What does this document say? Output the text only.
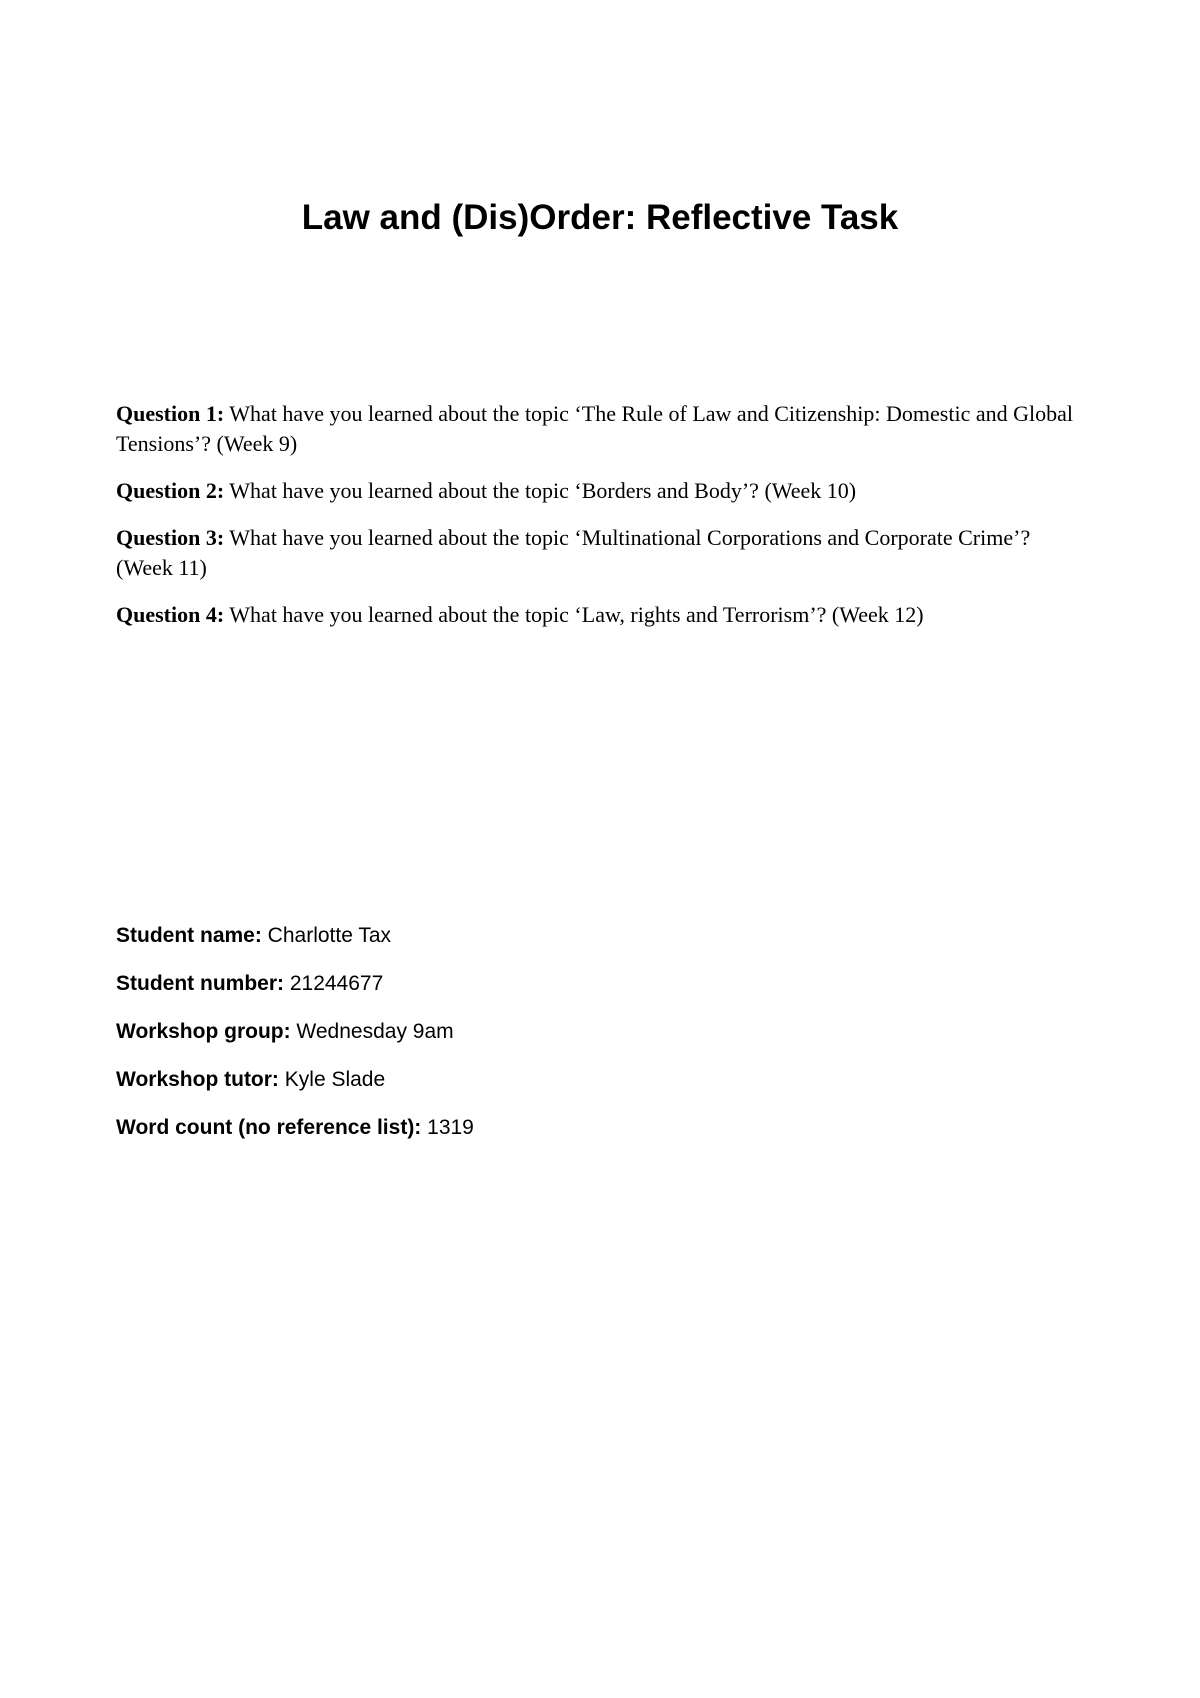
Law and (Dis)Order: Reflective Task

Question 1: What have you learned about the topic ‘The Rule of Law and Citizenship: Domestic and Global Tensions’? (Week 9)

Question 2: What have you learned about the topic ‘Borders and Body’? (Week 10)

Question 3: What have you learned about the topic ‘Multinational Corporations and Corporate Crime’? (Week 11)

Question 4: What have you learned about the topic ‘Law, rights and Terrorism’? (Week 12)

Student name: Charlotte Tax

Student number: 21244677

Workshop group: Wednesday 9am

Workshop tutor: Kyle Slade

Word count (no reference list): 1319
